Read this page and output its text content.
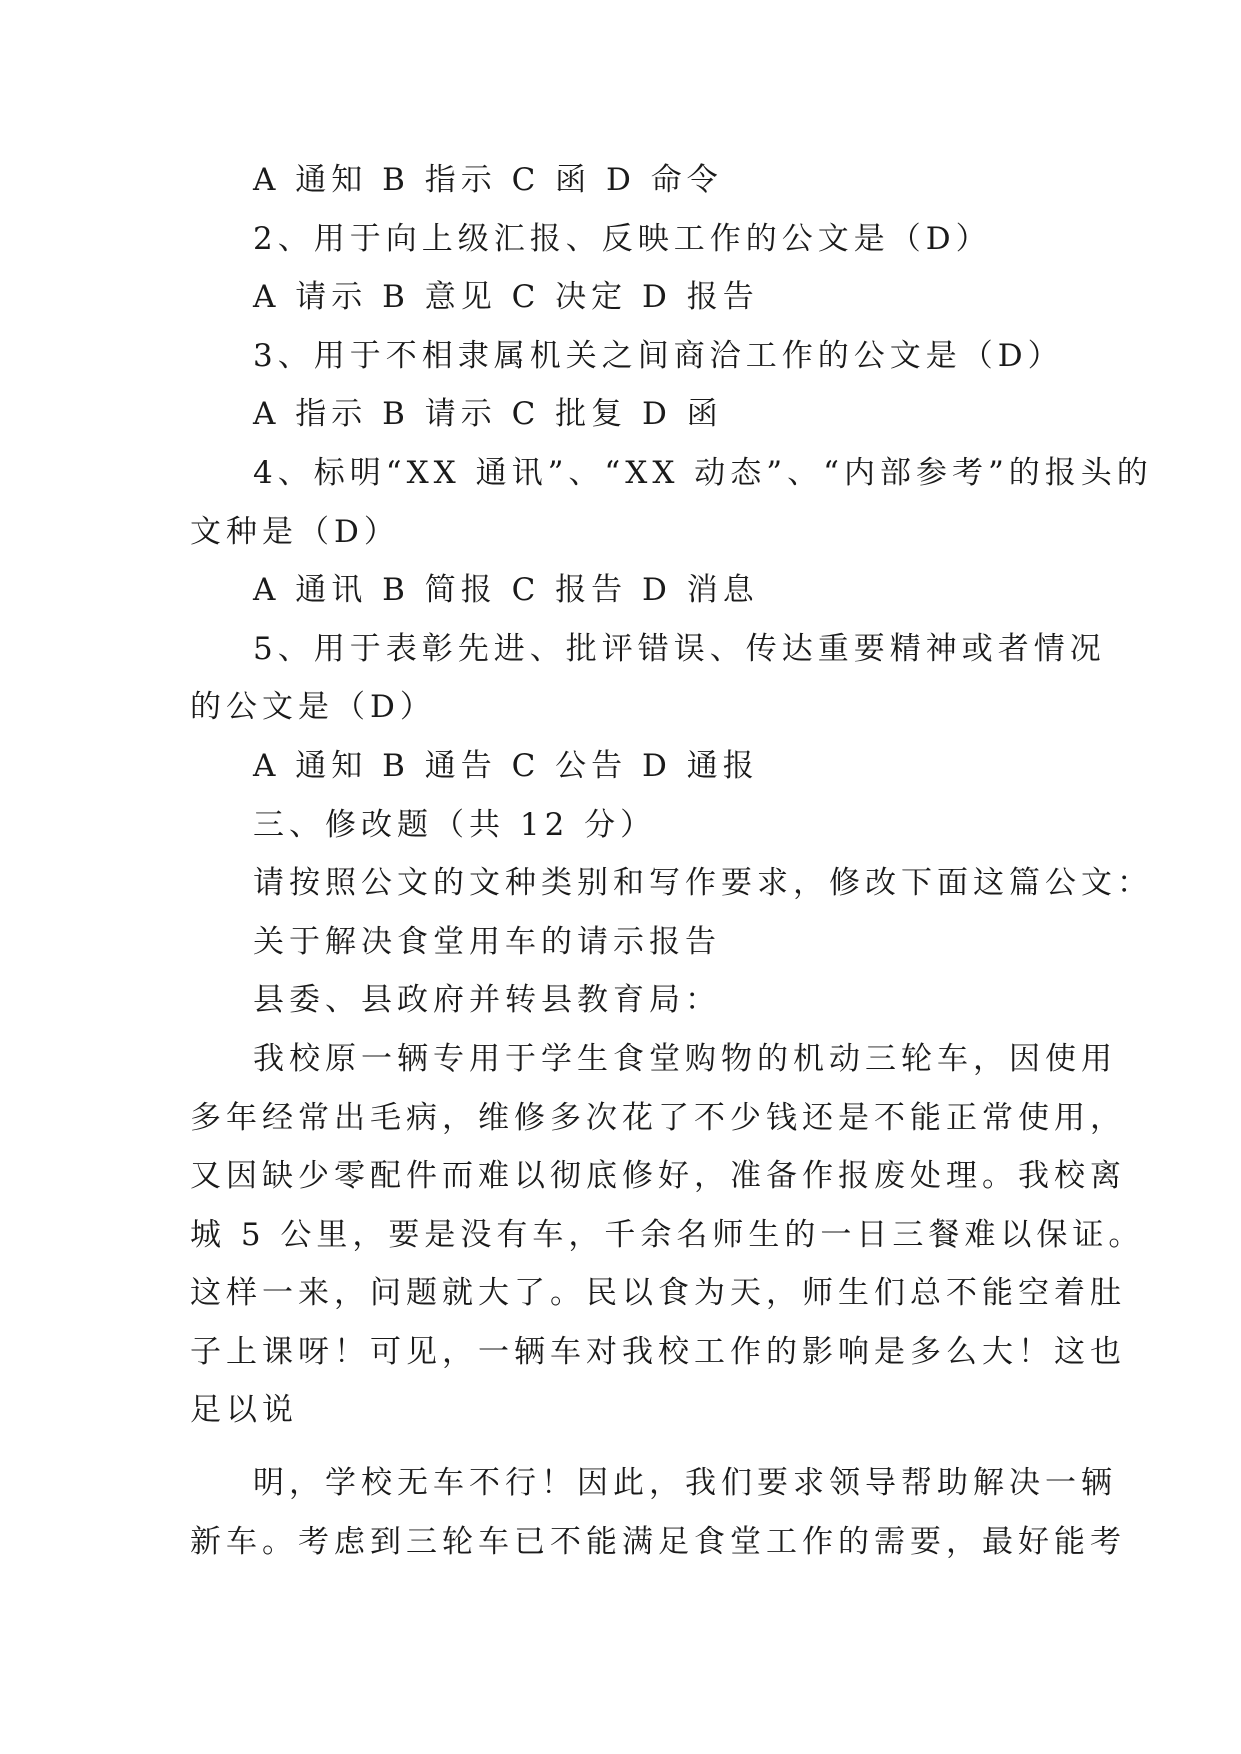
A 通知 B 指示 C 函 D 命令
2、用于向上级汇报、反映工作的公文是（D）
A 请示 B 意见 C 决定 D 报告
3、用于不相隶属机关之间商洽工作的公文是（D）
A 指示 B 请示 C 批复 D 函
4、标明“XX 通讯”、“XX 动态”、“内部参考”的报头的
文种是（D）
A 通讯 B 简报 C 报告 D 消息
5、用于表彰先进、批评错误、传达重要精神或者情况
的公文是（D）
A 通知 B 通告 C 公告 D 通报
三、修改题（共 12 分）
请按照公文的文种类别和写作要求，修改下面这篇公文：
关于解决食堂用车的请示报告
县委、县政府并转县教育局：
我校原一辆专用于学生食堂购物的机动三轮车，因使用
多年经常出毛病，维修多次花了不少钱还是不能正常使用，
又因缺少零配件而难以彻底修好，准备作报废处理。我校离
城 5 公里，要是没有车，千余名师生的一日三餐难以保证。
这样一来，问题就大了。民以食为天，师生们总不能空着肚
子上课呀！可见，一辆车对我校工作的影响是多么大！这也
足以说
明，学校无车不行！因此，我们要求领导帮助解决一辆
新车。考虑到三轮车已不能满足食堂工作的需要，最好能考
